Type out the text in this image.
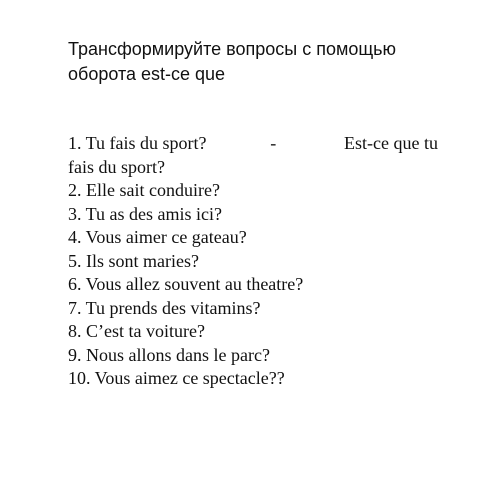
Трансформируйте вопросы с помощью
оборота est-ce que
1. Tu fais du sport?	-	Est-ce que tu
fais du sport?
2. Elle sait conduire?
3. Tu as des amis ici?
4. Vous aimer ce gateau?
5. Ils sont maries?
6. Vous allez souvent au theatre?
7. Tu prends des vitamins?
8. C’est ta voiture?
9. Nous allons dans le parc?
10. Vous aimez ce spectacle??
